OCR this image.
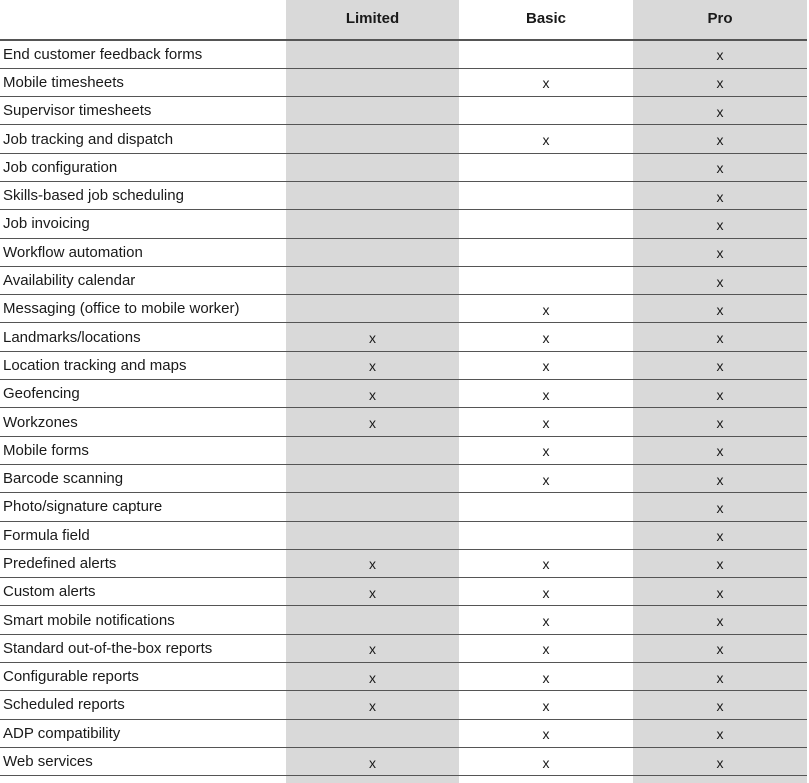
	Limited	Basic	Pro
End customer feedback forms			x
Mobile timesheets		x	x
Supervisor timesheets			x
Job tracking and dispatch		x	x
Job configuration			x
Skills-based job scheduling			x
Job invoicing			x
Workflow automation			x
Availability calendar			x
Messaging (office to mobile worker)		x	x
Landmarks/locations	x	x	x
Location tracking and maps	x	x	x
Geofencing	x	x	x
Workzones	x	x	x
Mobile forms		x	x
Barcode scanning		x	x
Photo/signature capture			x
Formula field			x
Predefined alerts	x	x	x
Custom alerts	x	x	x
Smart mobile notifications		x	x
Standard out-of-the-box reports	x	x	x
Configurable reports	x	x	x
Scheduled reports	x	x	x
ADP compatibility		x	x
Web services	x	x	x
